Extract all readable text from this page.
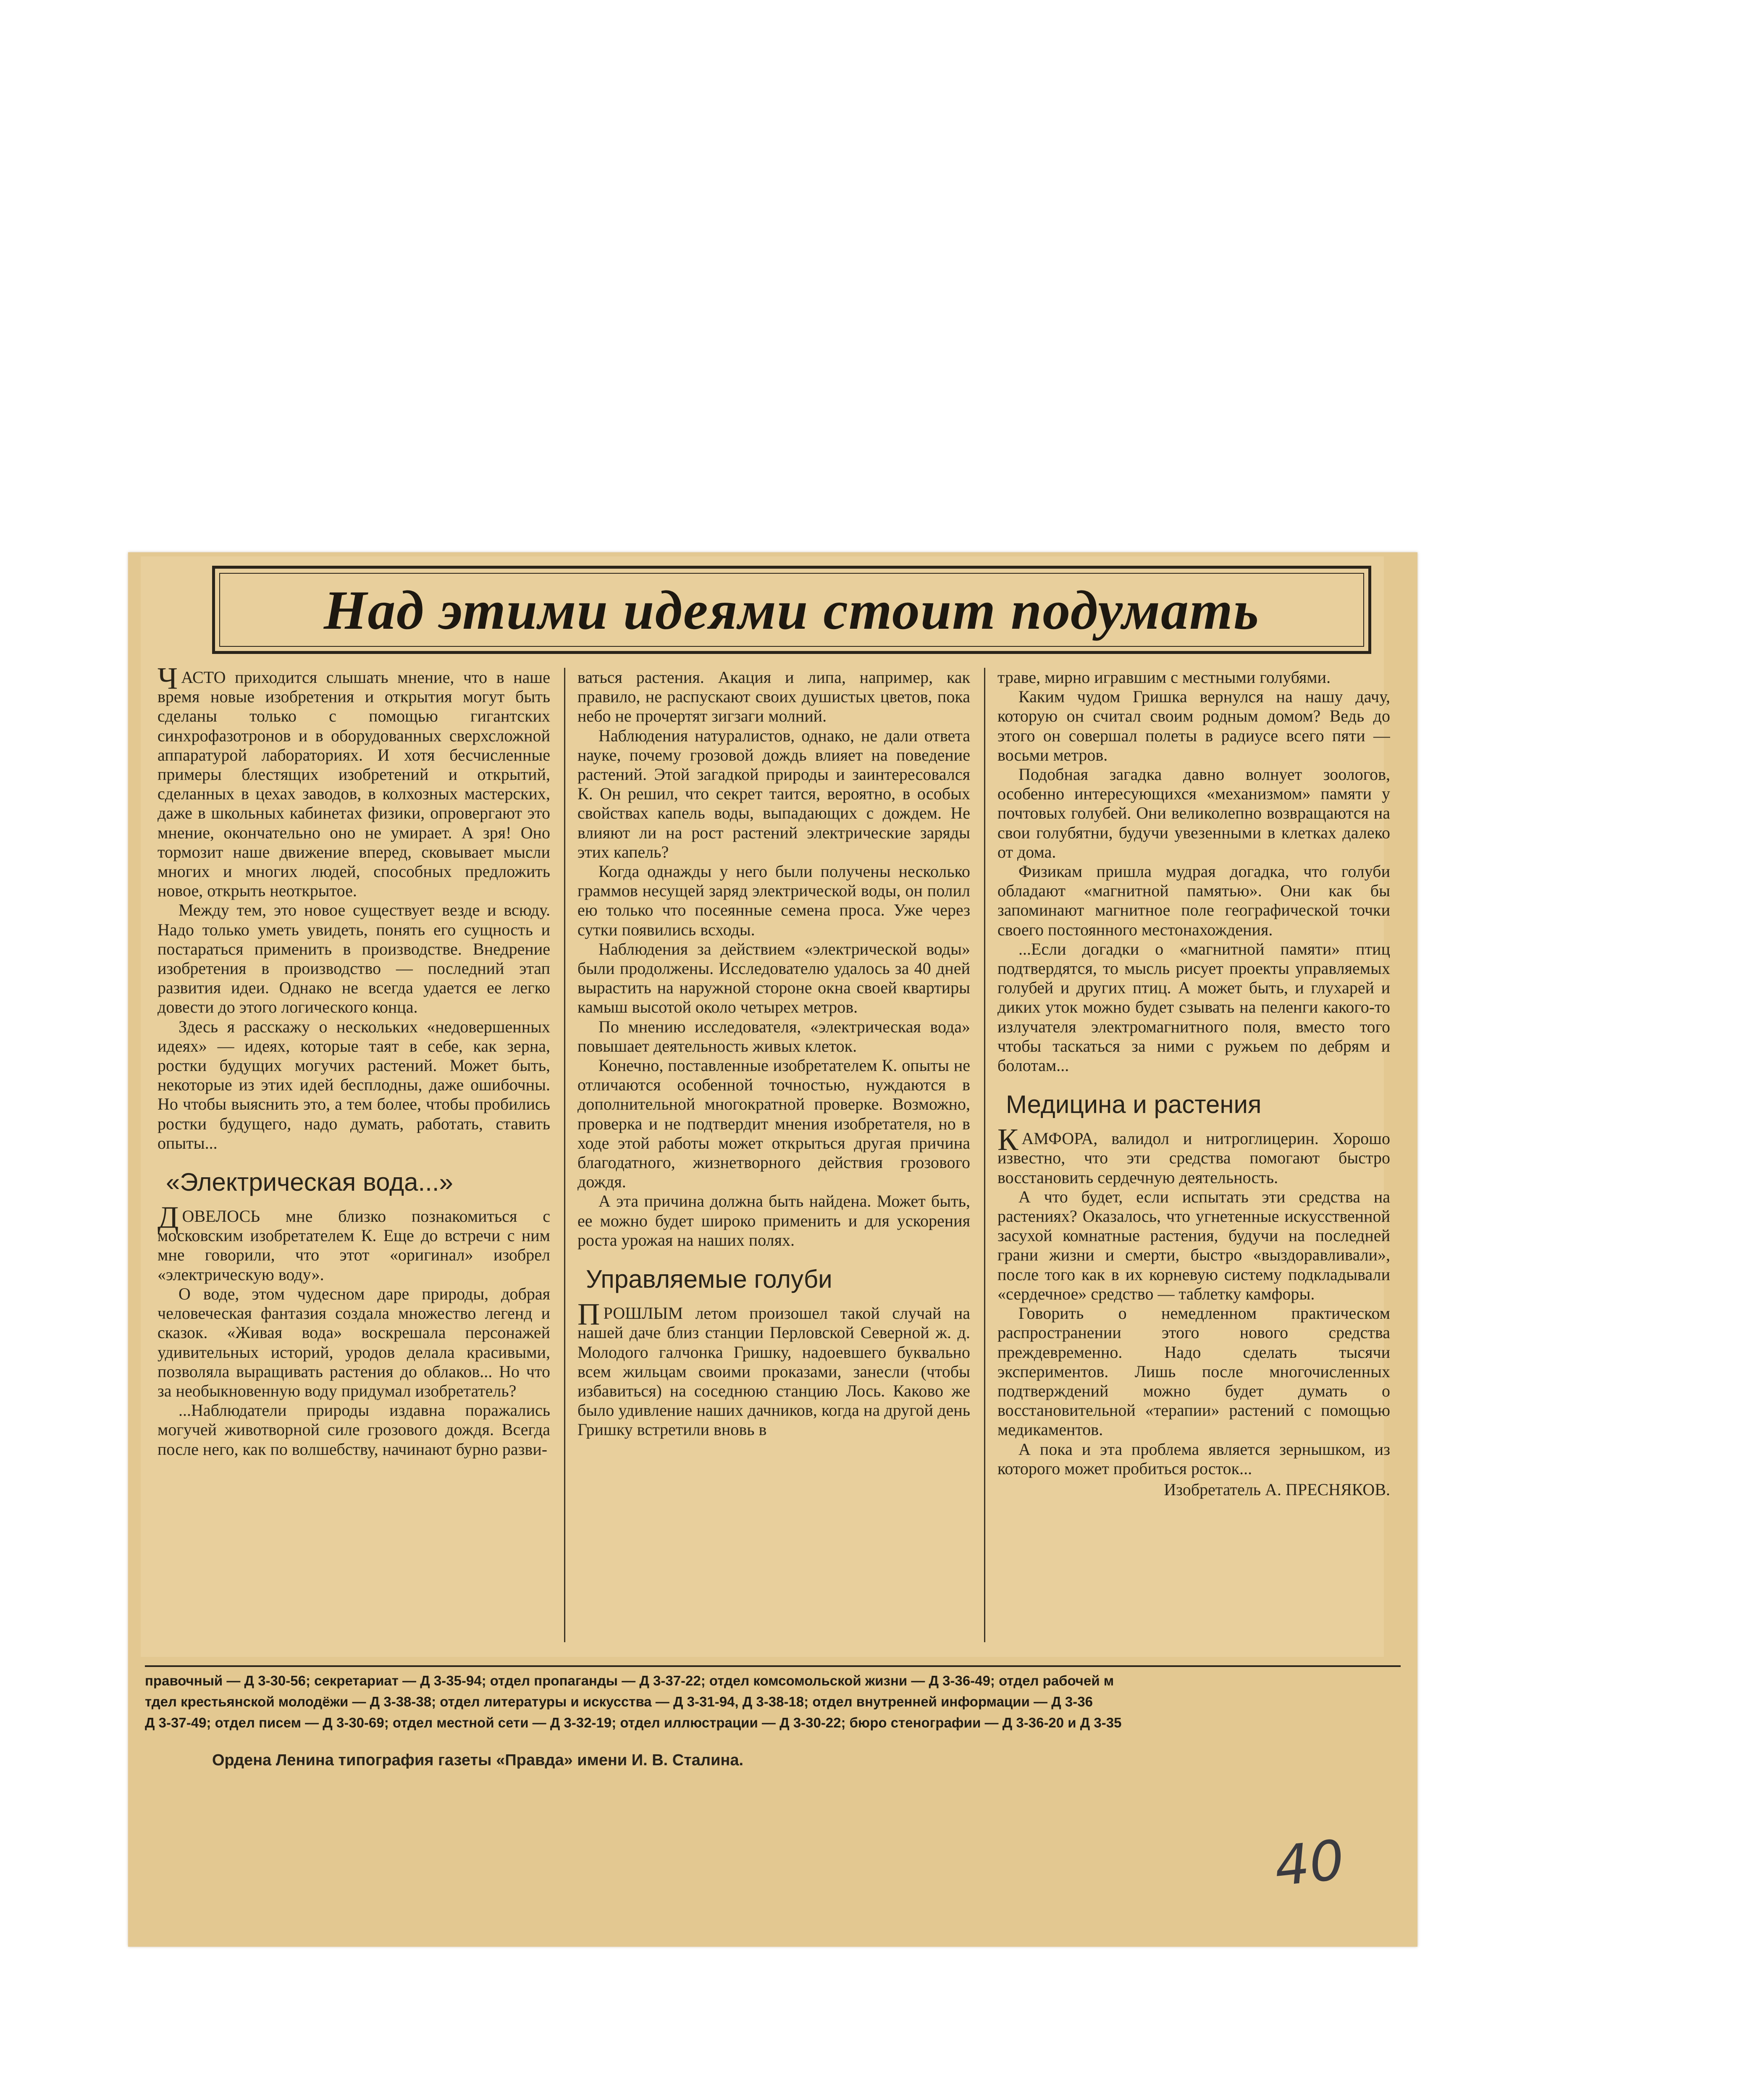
Над этими идеями стоит подумать

ЧАСТО приходится слышать мнение, что в наше время новые изобретения и открытия могут быть сделаны только с помощью гигантских синхрофазотронов и в оборудованных сверхсложной аппаратурой лабораториях. И хотя бесчисленные примеры блестящих изобретений и открытий, сделанных в цехах заводов, в колхозных мастерских, даже в школьных кабинетах физики, опровергают это мнение, окончательно оно не умирает. А зря! Оно тормозит наше движение вперед, сковывает мысли многих и многих людей, способных предложить новое, открыть неоткрытое.

Между тем, это новое существует везде и всюду. Надо только уметь увидеть, понять его сущность и постараться применить в производстве. Внедрение изобретения в производство — последний этап развития идеи. Однако не всегда удается ее легко довести до этого логического конца.

Здесь я расскажу о нескольких «недовершенных идеях» — идеях, которые таят в себе, как зерна, ростки будущих могучих растений. Может быть, некоторые из этих идей бесплодны, даже ошибочны. Но чтобы выяснить это, а тем более, чтобы пробились ростки будущего, надо думать, работать, ставить опыты...

«Электрическая вода...»

ДОВЕЛОСЬ мне близко познакомиться с московским изобретателем К. Еще до встречи с ним мне говорили, что этот «оригинал» изобрел «электрическую воду».

О воде, этом чудесном даре природы, добрая человеческая фантазия создала множество легенд и сказок. «Живая вода» воскрешала персонажей удивительных историй, уродов делала красивыми, позволяла выращивать растения до облаков... Но что за необыкновенную воду придумал изобретатель?

...Наблюдатели природы издавна поражались могучей животворной силе грозового дождя. Всегда после него, как по волшебству, начинают бурно разви-

ваться растения. Акация и липа, например, как правило, не распускают своих душистых цветов, пока небо не прочертят зигзаги молний.

Наблюдения натуралистов, однако, не дали ответа науке, почему грозовой дождь влияет на поведение растений. Этой загадкой природы и заинтересовался К. Он решил, что секрет таится, вероятно, в особых свойствах капель воды, выпадающих с дождем. Не влияют ли на рост растений электрические заряды этих капель?

Когда однажды у него были получены несколько граммов несущей заряд электрической воды, он полил ею только что посеянные семена проса. Уже через сутки появились всходы.

Наблюдения за действием «электрической воды» были продолжены. Исследователю удалось за 40 дней вырастить на наружной стороне окна своей квартиры камыш высотой около четырех метров.

По мнению исследователя, «электрическая вода» повышает деятельность живых клеток.

Конечно, поставленные изобретателем К. опыты не отличаются особенной точностью, нуждаются в дополнительной многократной проверке. Возможно, проверка и не подтвердит мнения изобретателя, но в ходе этой работы может открыться другая причина благодатного, жизнетворного действия грозового дождя.

А эта причина должна быть найдена. Может быть, ее можно будет широко применить и для ускорения роста урожая на наших полях.

Управляемые голуби

ПРОШЛЫМ летом произошел такой случай на нашей даче близ станции Перловской Северной ж. д. Молодого галчонка Гришку, надоевшего буквально всем жильцам своими проказами, занесли (чтобы избавиться) на соседнюю станцию Лось. Каково же было удивление наших дачников, когда на другой день Гришку встретили вновь в

траве, мирно игравшим с местными голубями.

Каким чудом Гришка вернулся на нашу дачу, которую он считал своим родным домом? Ведь до этого он совершал полеты в радиусе всего пяти — восьми метров.

Подобная загадка давно волнует зоологов, особенно интересующихся «механизмом» памяти у почтовых голубей. Они великолепно возвращаются на свои голубятни, будучи увезенными в клетках далеко от дома.

Физикам пришла мудрая догадка, что голуби обладают «магнитной памятью». Они как бы запоминают магнитное поле географической точки своего постоянного местонахождения.

...Если догадки о «магнитной памяти» птиц подтвердятся, то мысль рисует проекты управляемых голубей и других птиц. А может быть, и глухарей и диких уток можно будет сзывать на пеленги какого-то излучателя электромагнитного поля, вместо того чтобы таскаться за ними с ружьем по дебрям и болотам...

Медицина и растения

КАМФОРА, валидол и нитроглицерин. Хорошо известно, что эти средства помогают быстро восстановить сердечную деятельность.

А что будет, если испытать эти средства на растениях? Оказалось, что угнетенные искусственной засухой комнатные растения, будучи на последней грани жизни и смерти, быстро «выздоравливали», после того как в их корневую систему подкладывали «сердечное» средство — таблетку камфоры.

Говорить о немедленном практическом распространении этого нового средства преждевременно. Надо сделать тысячи экспериментов. Лишь после многочисленных подтверждений можно будет думать о восстановительной «терапии» растений с помощью медикаментов.

А пока и эта проблема является зернышком, из которого может пробиться росток...

Изобретатель А. ПРЕСНЯКОВ.

правочный — Д 3-30-56; секретариат — Д 3-35-94; отдел пропаганды — Д 3-37-22; отдел комсомольской жизни — Д 3-36-49; отдел рабочей м
тдел крестьянской молодёжи — Д 3-38-38; отдел литературы и искусства — Д 3-31-94, Д 3-38-18; отдел внутренней информации — Д 3-36
Д 3-37-49; отдел писем — Д 3-30-69; отдел местной сети — Д 3-32-19; отдел иллюстрации — Д 3-30-22; бюро стенографии — Д 3-36-20 и Д 3-35
Ордена Ленина типография газеты «Правда» имени И. В. Сталина.
40
